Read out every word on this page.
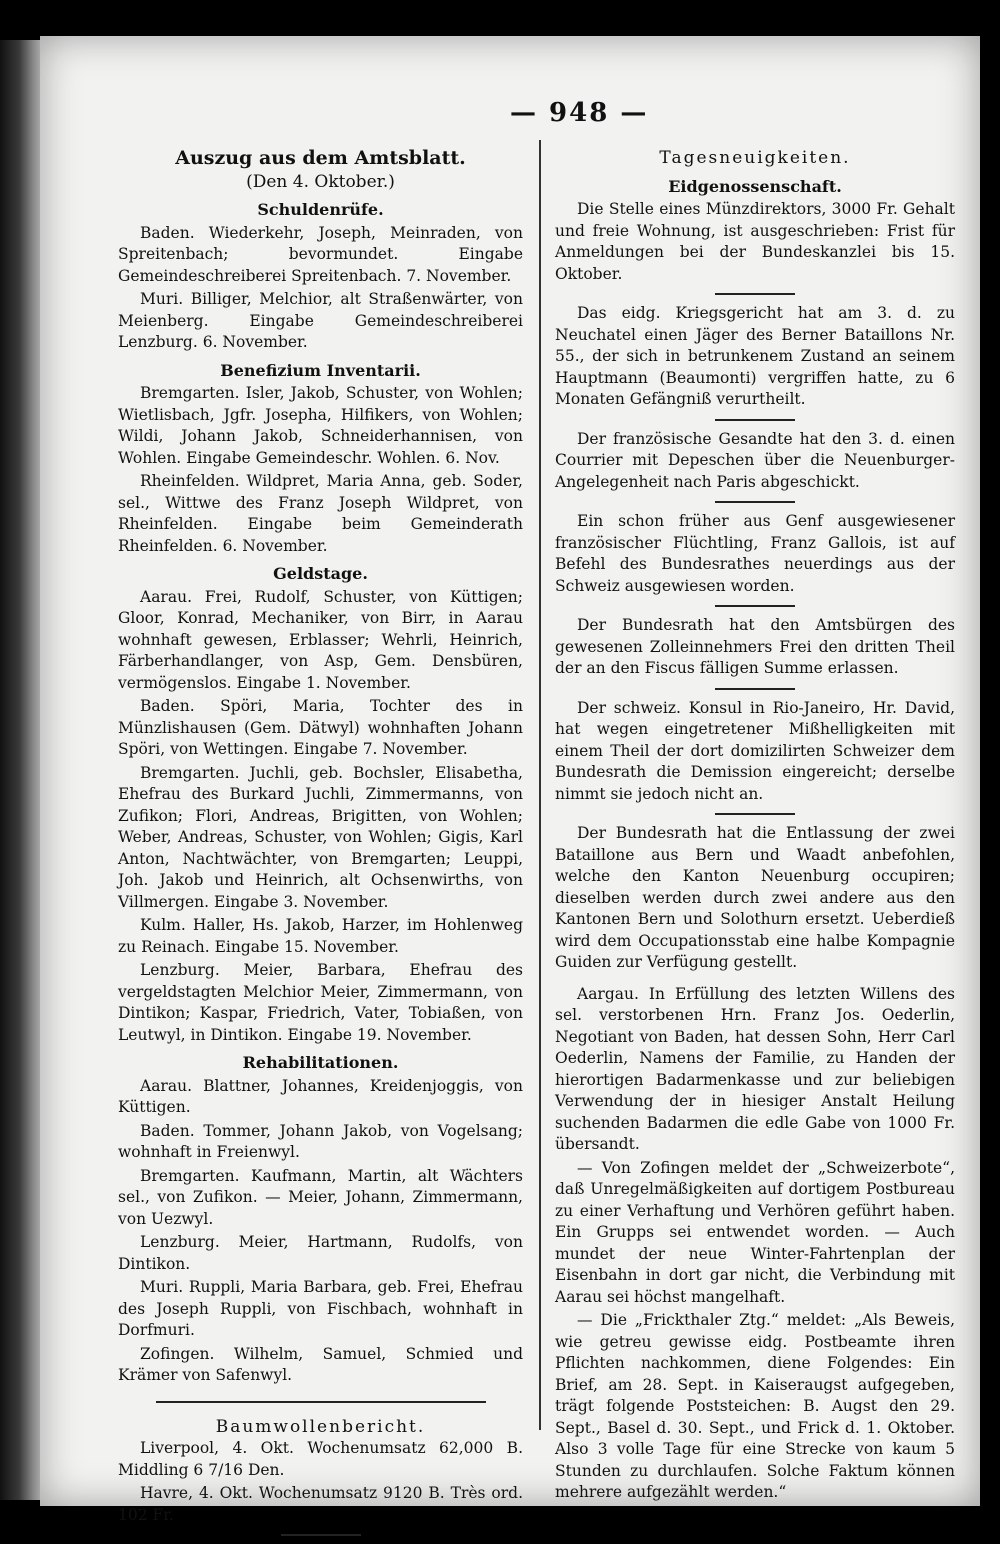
— 948 —
Auszug aus dem Amtsblatt.
(Den 4. Oktober.)
Schuldenrüfe.

Baden. Wiederkehr, Joseph, Meinraden, von Spreitenbach; bevormundet. Eingabe Gemeindeschreiberei Spreitenbach. 7. November.

Muri. Billiger, Melchior, alt Straßenwärter, von Meienberg. Eingabe Gemeindeschreiberei Lenzburg. 6. November.

Benefizium Inventarii.

Bremgarten. Isler, Jakob, Schuster, von Wohlen; Wietlisbach, Jgfr. Josepha, Hilfikers, von Wohlen; Wildi, Johann Jakob, Schneiderhannisen, von Wohlen. Eingabe Gemeindeschr. Wohlen. 6. Nov.

Rheinfelden. Wildpret, Maria Anna, geb. Soder, sel., Wittwe des Franz Joseph Wildpret, von Rheinfelden. Eingabe beim Gemeinderath Rheinfelden. 6. November.

Geldstage.

Aarau. Frei, Rudolf, Schuster, von Küttigen; Gloor, Konrad, Mechaniker, von Birr, in Aarau wohnhaft gewesen, Erblasser; Wehrli, Heinrich, Färberhandlanger, von Asp, Gem. Densbüren, vermögenslos. Eingabe 1. November.

Baden. Spöri, Maria, Tochter des in Münzlishausen (Gem. Dätwyl) wohnhaften Johann Spöri, von Wettingen. Eingabe 7. November.

Bremgarten. Juchli, geb. Bochsler, Elisabetha, Ehefrau des Burkard Juchli, Zimmermanns, von Zufikon; Flori, Andreas, Brigitten, von Wohlen; Weber, Andreas, Schuster, von Wohlen; Gigis, Karl Anton, Nachtwächter, von Bremgarten; Leuppi, Joh. Jakob und Heinrich, alt Ochsenwirths, von Villmergen. Eingabe 3. November.

Kulm. Haller, Hs. Jakob, Harzer, im Hohlenweg zu Reinach. Eingabe 15. November.

Lenzburg. Meier, Barbara, Ehefrau des vergeldstagten Melchior Meier, Zimmermann, von Dintikon; Kaspar, Friedrich, Vater, Tobiaßen, von Leutwyl, in Dintikon. Eingabe 19. November.

Rehabilitationen.

Aarau. Blattner, Johannes, Kreidenjoggis, von Küttigen.

Baden. Tommer, Johann Jakob, von Vogelsang; wohnhaft in Freienwyl.

Bremgarten. Kaufmann, Martin, alt Wächters sel., von Zufikon. — Meier, Johann, Zimmermann, von Uezwyl.

Lenzburg. Meier, Hartmann, Rudolfs, von Dintikon.

Muri. Ruppli, Maria Barbara, geb. Frei, Ehefrau des Joseph Ruppli, von Fischbach, wohnhaft in Dorfmuri.

Zofingen. Wilhelm, Samuel, Schmied und Krämer von Safenwyl.

Baumwollenbericht.

Liverpool, 4. Okt. Wochenumsatz 62,000 B. Middling 6 7/16 Den.

Havre, 4. Okt. Wochenumsatz 9120 B. Très ord. 102 Fr.

Tagesneuigkeiten.
Eidgenossenschaft.

Die Stelle eines Münzdirektors, 3000 Fr. Gehalt und freie Wohnung, ist ausgeschrieben: Frist für Anmeldungen bei der Bundeskanzlei bis 15. Oktober.

Das eidg. Kriegsgericht hat am 3. d. zu Neuchatel einen Jäger des Berner Bataillons Nr. 55., der sich in betrunkenem Zustand an seinem Hauptmann (Beaumonti) vergriffen hatte, zu 6 Monaten Gefängniß verurtheilt.

Der französische Gesandte hat den 3. d. einen Courrier mit Depeschen über die Neuenburger-Angelegenheit nach Paris abgeschickt.

Ein schon früher aus Genf ausgewiesener französischer Flüchtling, Franz Gallois, ist auf Befehl des Bundesrathes neuerdings aus der Schweiz ausgewiesen worden.

Der Bundesrath hat den Amtsbürgen des gewesenen Zolleinnehmers Frei den dritten Theil der an den Fiscus fälligen Summe erlassen.

Der schweiz. Konsul in Rio-Janeiro, Hr. David, hat wegen eingetretener Mißhelligkeiten mit einem Theil der dort domizilirten Schweizer dem Bundesrath die Demission eingereicht; derselbe nimmt sie jedoch nicht an.

Der Bundesrath hat die Entlassung der zwei Bataillone aus Bern und Waadt anbefohlen, welche den Kanton Neuenburg occupiren; dieselben werden durch zwei andere aus den Kantonen Bern und Solothurn ersetzt. Ueberdieß wird dem Occupationsstab eine halbe Kompagnie Guiden zur Verfügung gestellt.

Aargau. In Erfüllung des letzten Willens des sel. verstorbenen Hrn. Franz Jos. Oederlin, Negotiant von Baden, hat dessen Sohn, Herr Carl Oederlin, Namens der Familie, zu Handen der hierortigen Badarmenkasse und zur beliebigen Verwendung der in hiesiger Anstalt Heilung suchenden Badarmen die edle Gabe von 1000 Fr. übersandt.

— Von Zofingen meldet der „Schweizerbote“, daß Unregelmäßigkeiten auf dortigem Postbureau zu einer Verhaftung und Verhören geführt haben. Ein Grupps sei entwendet worden. — Auch mundet der neue Winter-Fahrtenplan der Eisenbahn in dort gar nicht, die Verbindung mit Aarau sei höchst mangelhaft.

— Die „Frickthaler Ztg.“ meldet: „Als Beweis, wie getreu gewisse eidg. Postbeamte ihren Pflichten nachkommen, diene Folgendes: Ein Brief, am 28. Sept. in Kaiseraugst aufgegeben, trägt folgende Poststeichen: B. Augst den 29. Sept., Basel d. 30. Sept., und Frick d. 1. Oktober. Also 3 volle Tage für eine Strecke von kaum 5 Stunden zu durchlaufen. Solche Faktum können mehrere aufgezählt werden.“
